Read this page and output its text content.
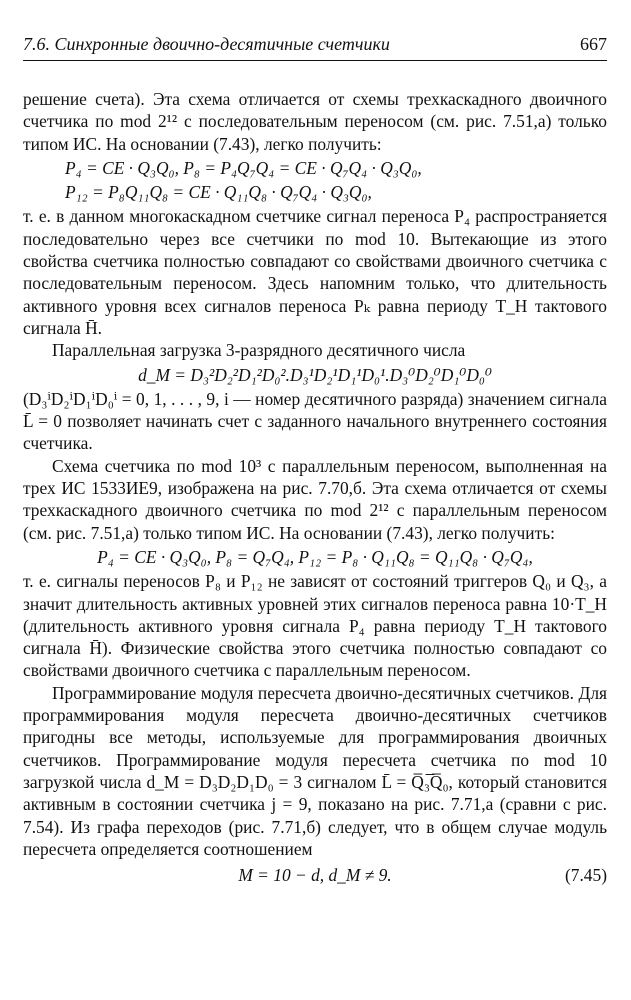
7.6. Синхронные двоично-десятичные счетчики	667

решение счета). Эта схема отличается от схемы трехкаскадного двоичного счетчика по mod 2¹² с последовательным переносом (см. рис. 7.51,а) только типом ИС. На основании (7.43), легко получить:

P₄ = CE · Q₃Q₀, P₈ = P₄Q₇Q₄ = CE · Q₇Q₄ · Q₃Q₀,
P₁₂ = P₈Q₁₁Q₈ = CE · Q₁₁Q₈ · Q₇Q₄ · Q₃Q₀,

т. е. в данном многокаскадном счетчике сигнал переноса P₄ распространяется последовательно через все счетчики по mod 10. Вытекающие из этого свойства счетчика полностью совпадают со свойствами двоичного счетчика с последовательным переносом. Здесь напомним только, что длительность активного уровня всех сигналов переноса Pₖ равна периоду T_H тактового сигнала H̄.

Параллельная загрузка 3-разрядного десятичного числа

d_M = D₃²D₂²D₁²D₀².D₃¹D₂¹D₁¹D₀¹.D₃⁰D₂⁰D₁⁰D₀⁰

(D₃ⁱD₂ⁱD₁ⁱD₀ⁱ = 0, 1, . . . , 9, i — номер десятичного разряда) значением сигнала L̄ = 0 позволяет начинать счет с заданного начального внутреннего состояния счетчика.

Схема счетчика по mod 10³ с параллельным переносом, выполненная на трех ИС 1533ИЕ9, изображена на рис. 7.70,б. Эта схема отличается от схемы трехкаскадного двоичного счетчика по mod 2¹² с параллельным переносом (см. рис. 7.51,а) только типом ИС. На основании (7.43), легко получить:

P₄ = CE · Q₃Q₀, P₈ = Q₇Q₄, P₁₂ = P₈ · Q₁₁Q₈ = Q₁₁Q₈ · Q₇Q₄,

т. е. сигналы переносов P₈ и P₁₂ не зависят от состояний триггеров Q₀ и Q₃, а значит длительность активных уровней этих сигналов переноса равна 10·T_H (длительность активного уровня сигнала P₄ равна периоду T_H тактового сигнала H̄). Физические свойства этого счетчика полностью совпадают со свойствами двоичного счетчика с параллельным переносом.

Программирование модуля пересчета двоично-десятичных счетчиков. Для программирования модуля пересчета двоично-десятичных счетчиков пригодны все методы, используемые для программирования двоичных счетчиков. Программирование модуля пересчета счетчика по mod 10 загрузкой числа d_M = D₃D₂D₁D₀ = 3 сигналом L̄ = Q̅₃̅Q̅₀, который становится активным в состоянии счетчика j = 9, показано на рис. 7.71,а (сравни с рис. 7.54). Из графа переходов (рис. 7.71,б) следует, что в общем случае модуль пересчета определяется соотношением

M = 10 − d, d_M ≠ 9.	(7.45)
